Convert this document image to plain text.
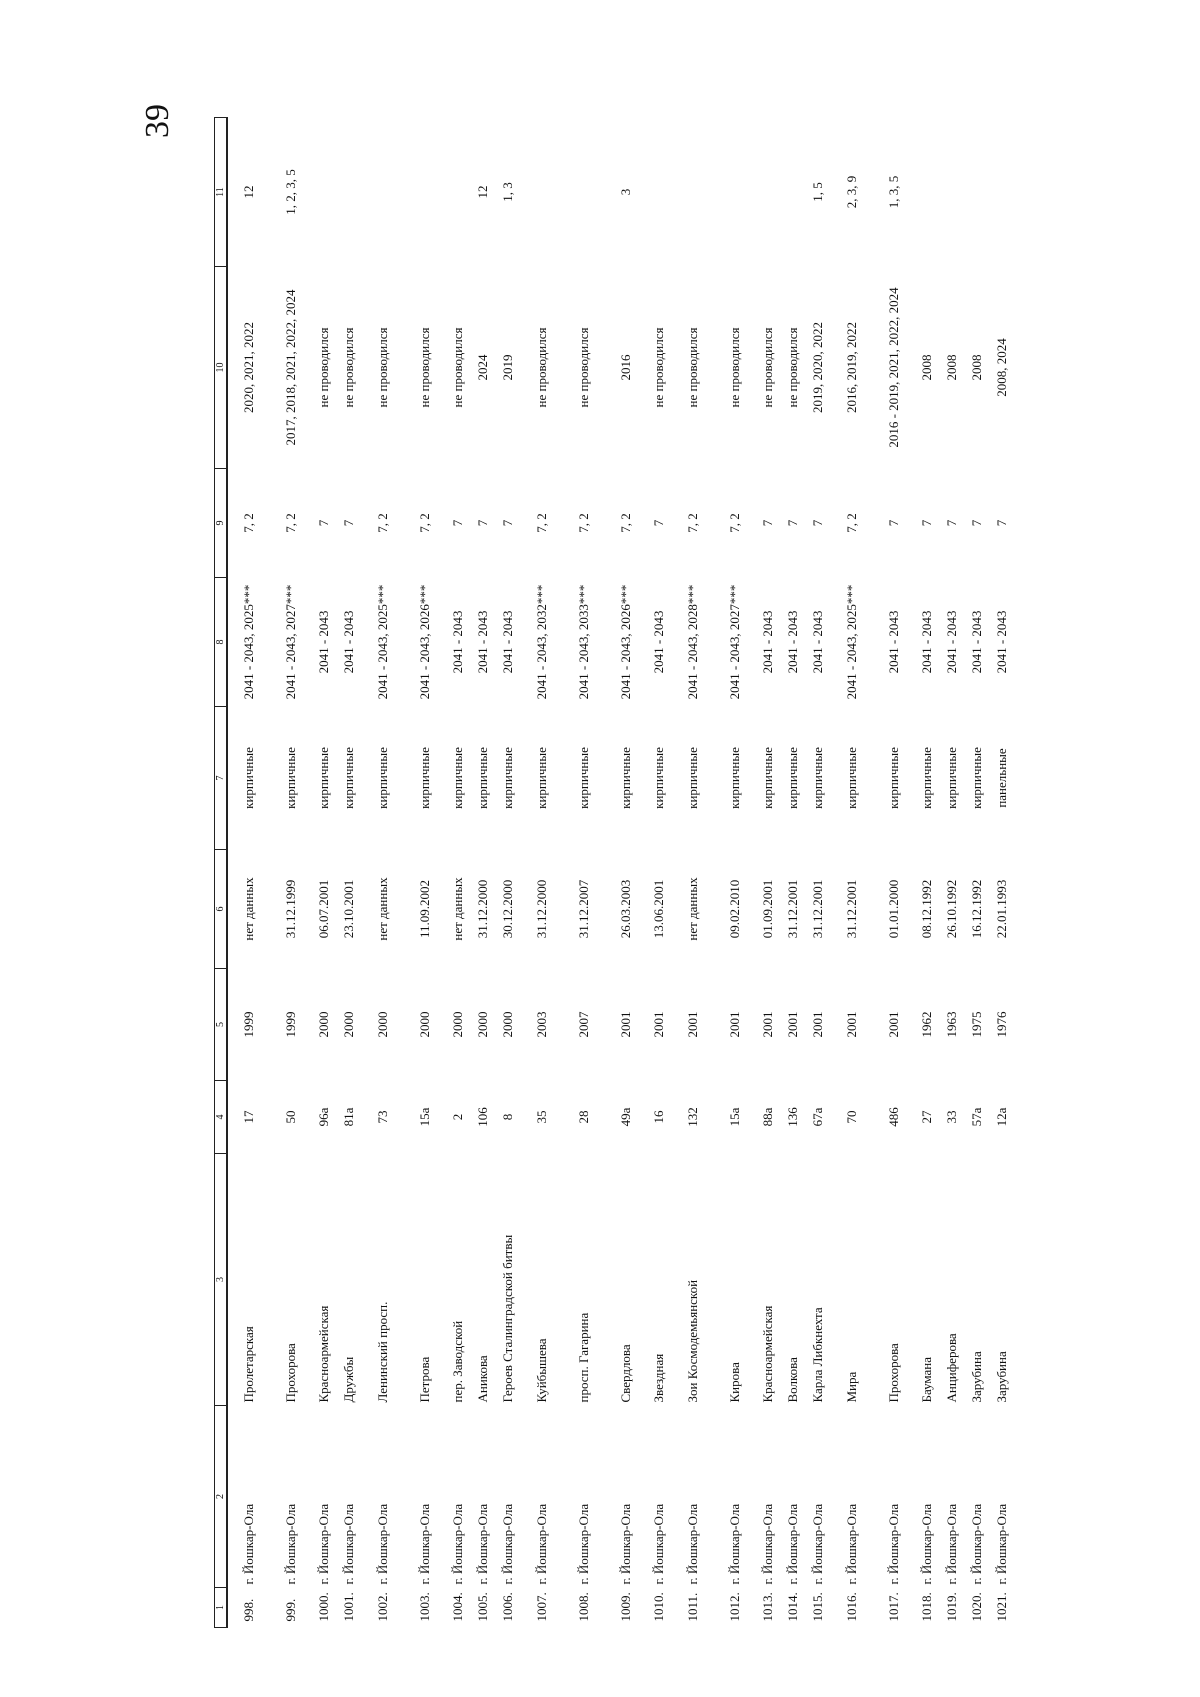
39
1	2	3	4	5	6	7	8	9	10	11
998.	г. Йошкар-Ола	Пролетарская	17	1999	нет данных	кирпичные	2041 - 2043, 2025***	7, 2	2020, 2021, 2022	12
999.	г. Йошкар-Ола	Прохорова	50	1999	31.12.1999	кирпичные	2041 - 2043, 2027***	7, 2	2017, 2018, 2021, 2022, 2024	1, 2, 3, 5
1000.	г. Йошкар-Ола	Красноармейская	96а	2000	06.07.2001	кирпичные	2041 - 2043	7	не проводился	
1001.	г. Йошкар-Ола	Дружбы	81а	2000	23.10.2001	кирпичные	2041 - 2043	7	не проводился	
1002.	г. Йошкар-Ола	Ленинский просп.	73	2000	нет данных	кирпичные	2041 - 2043, 2025***	7, 2	не проводился	
1003.	г. Йошкар-Ола	Петрова	15а	2000	11.09.2002	кирпичные	2041 - 2043, 2026***	7, 2	не проводился	
1004.	г. Йошкар-Ола	пер. Заводской	2	2000	нет данных	кирпичные	2041 - 2043	7	не проводился	
1005.	г. Йошкар-Ола	Аникова	106	2000	31.12.2000	кирпичные	2041 - 2043	7	2024	12
1006.	г. Йошкар-Ола	Героев Сталинградской битвы	8	2000	30.12.2000	кирпичные	2041 - 2043	7	2019	1, 3
1007.	г. Йошкар-Ола	Куйбышева	35	2003	31.12.2000	кирпичные	2041 - 2043, 2032***	7, 2	не проводился	
1008.	г. Йошкар-Ола	просп. Гагарина	28	2007	31.12.2007	кирпичные	2041 - 2043, 2033***	7, 2	не проводился	
1009.	г. Йошкар-Ола	Свердлова	49а	2001	26.03.2003	кирпичные	2041 - 2043, 2026***	7, 2	2016	3
1010.	г. Йошкар-Ола	Звездная	16	2001	13.06.2001	кирпичные	2041 - 2043	7	не проводился	
1011.	г. Йошкар-Ола	Зои Космодемьянской	132	2001	нет данных	кирпичные	2041 - 2043, 2028***	7, 2	не проводился	
1012.	г. Йошкар-Ола	Кирова	15а	2001	09.02.2010	кирпичные	2041 - 2043, 2027***	7, 2	не проводился	
1013.	г. Йошкар-Ола	Красноармейская	88а	2001	01.09.2001	кирпичные	2041 - 2043	7	не проводился	
1014.	г. Йошкар-Ола	Волкова	136	2001	31.12.2001	кирпичные	2041 - 2043	7	не проводился	
1015.	г. Йошкар-Ола	Карла Либкнехта	67а	2001	31.12.2001	кирпичные	2041 - 2043	7	2019, 2020, 2022	1, 5
1016.	г. Йошкар-Ола	Мира	70	2001	31.12.2001	кирпичные	2041 - 2043, 2025***	7, 2	2016, 2019, 2022	2, 3, 9
1017.	г. Йошкар-Ола	Прохорова	486	2001	01.01.2000	кирпичные	2041 - 2043	7	2016 - 2019, 2021, 2022, 2024	1, 3, 5
1018.	г. Йошкар-Ола	Баумана	27	1962	08.12.1992	кирпичные	2041 - 2043	7	2008	
1019.	г. Йошкар-Ола	Анциферова	33	1963	26.10.1992	кирпичные	2041 - 2043	7	2008	
1020.	г. Йошкар-Ола	Зарубина	57а	1975	16.12.1992	кирпичные	2041 - 2043	7	2008	
1021.	г. Йошкар-Ола	Зарубина	12а	1976	22.01.1993	панельные	2041 - 2043	7	2008, 2024	
